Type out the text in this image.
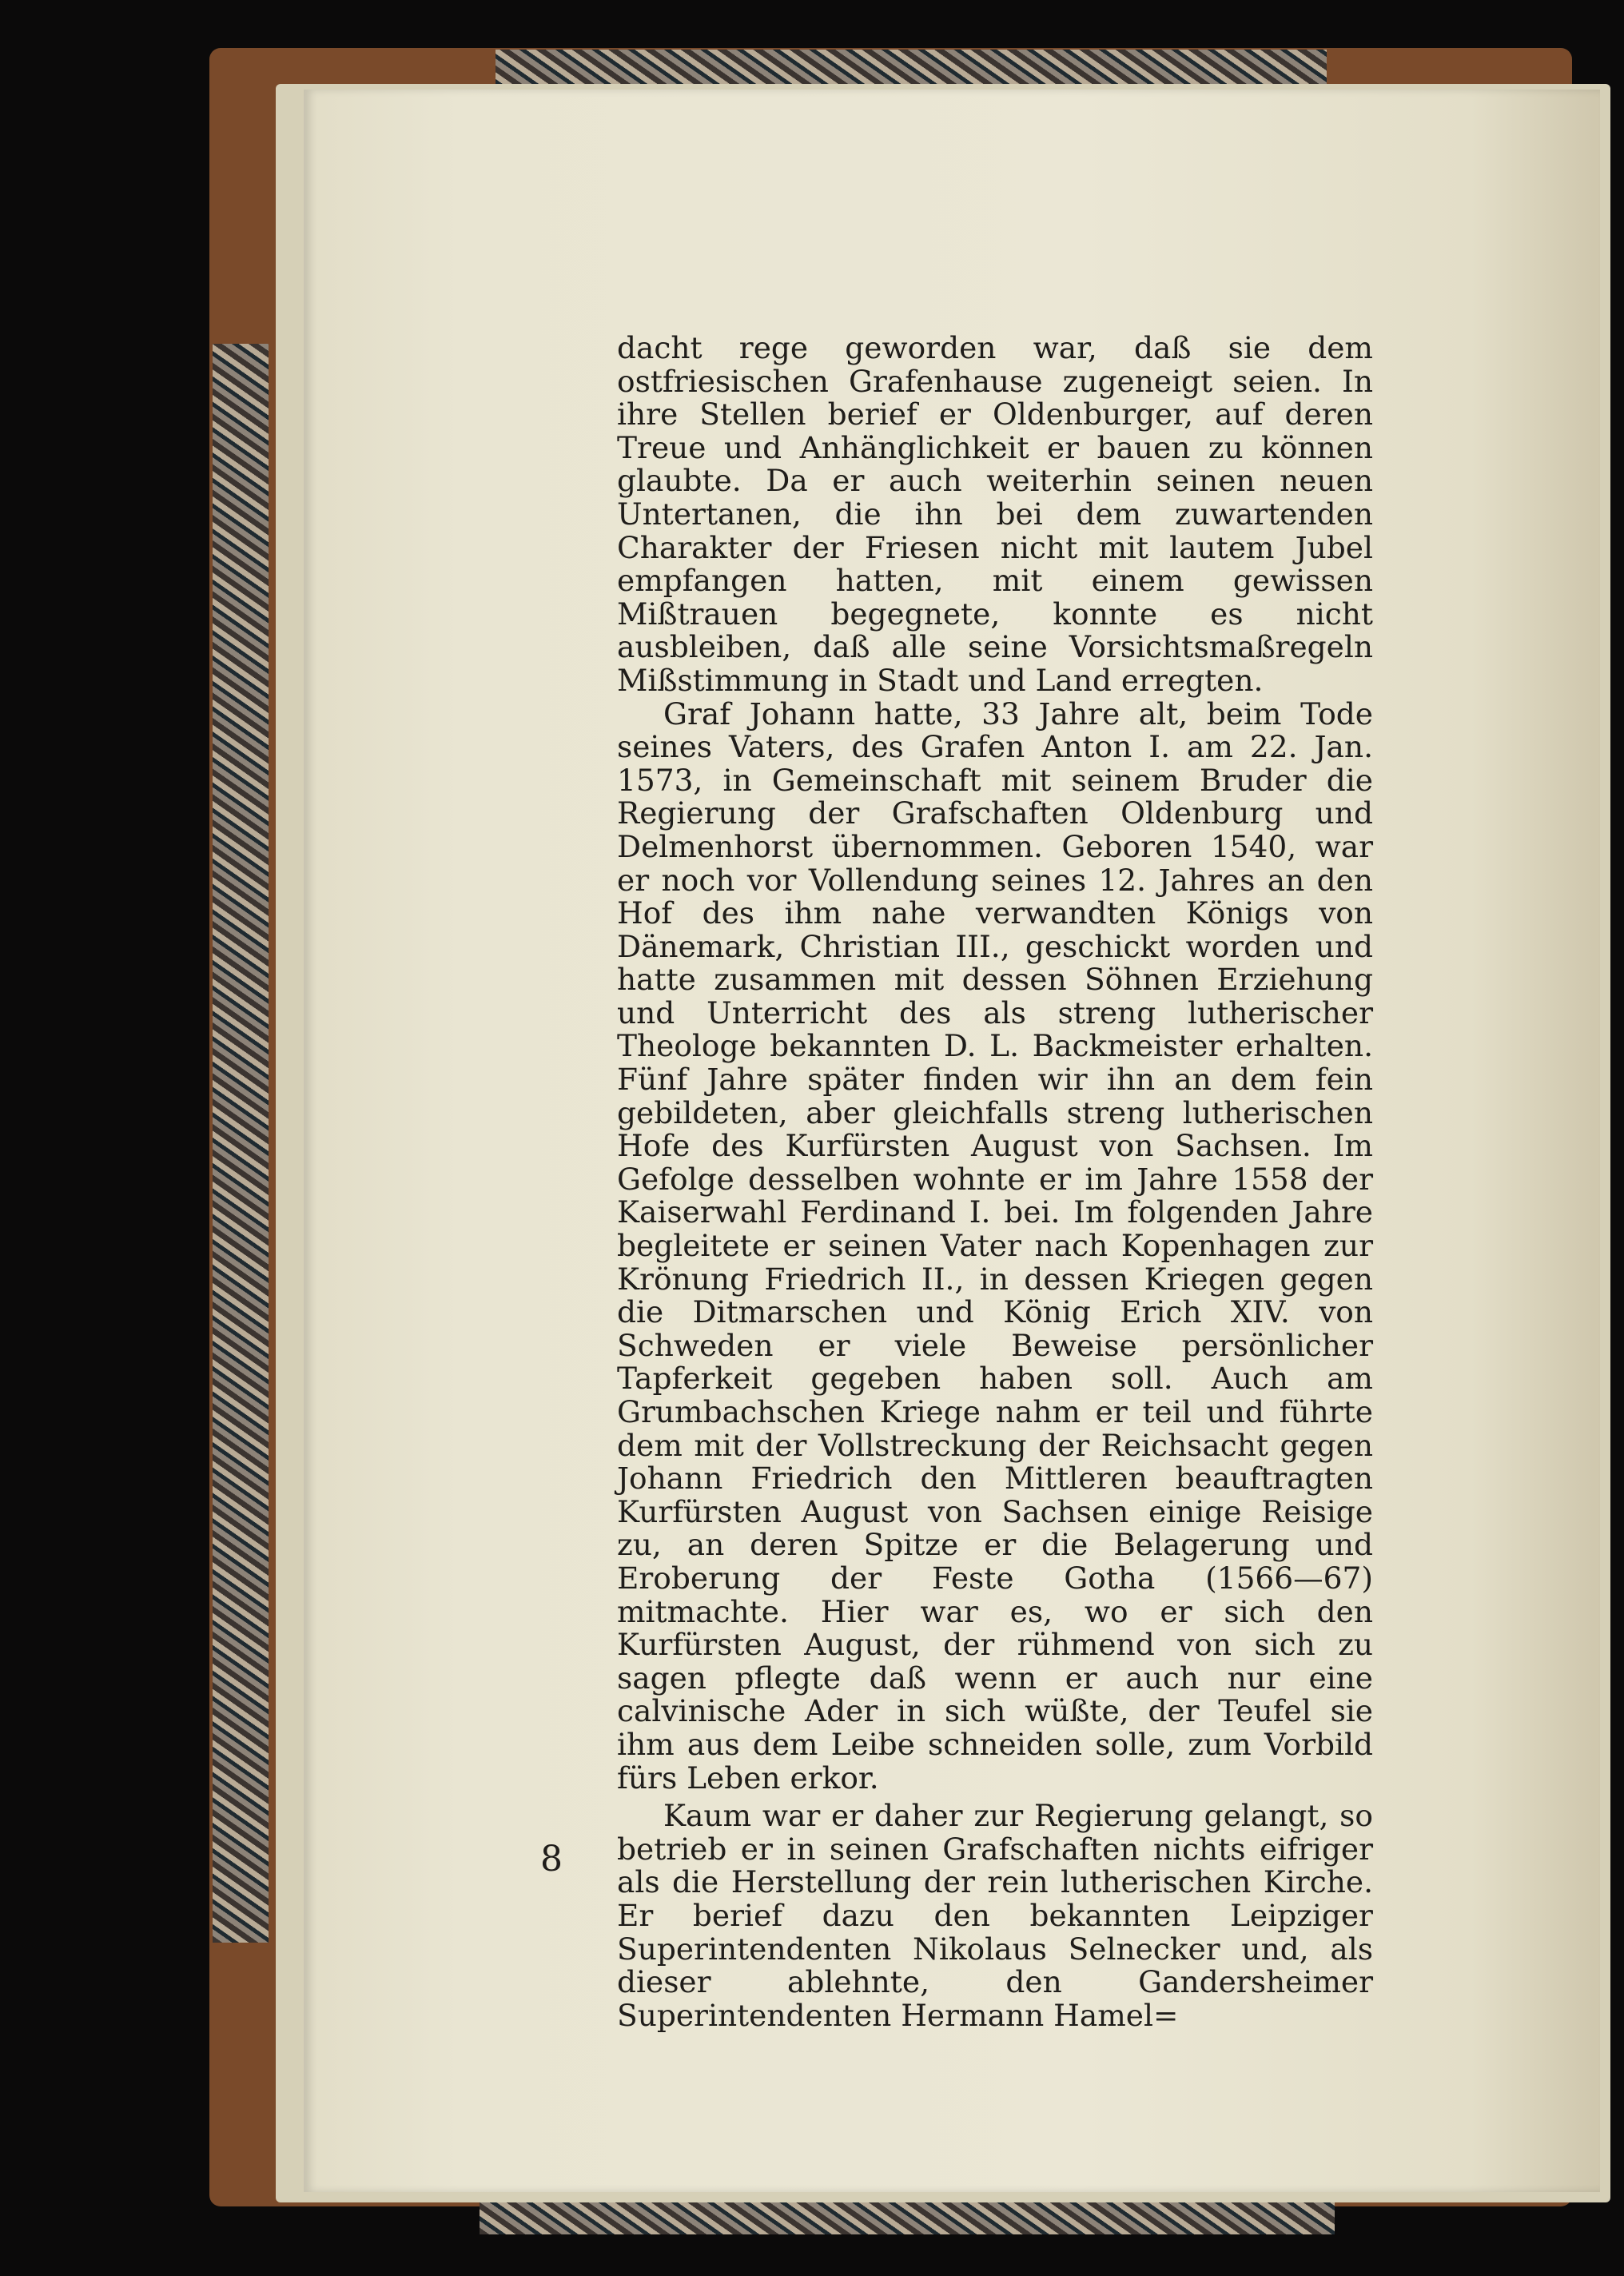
dacht rege geworden war, daß sie dem ostfriesischen Grafenhause zugeneigt seien. In ihre Stellen berief er Oldenburger, auf deren Treue und Anhänglichkeit er bauen zu können glaubte. Da er auch weiterhin seinen neuen Untertanen, die ihn bei dem zuwartenden Charakter der Friesen nicht mit lautem Jubel empfangen hatten, mit einem gewissen Mißtrauen begegnete, konnte es nicht ausbleiben, daß alle seine Vorsichtsmaßregeln Mißstimmung in Stadt und Land erregten.

Graf Johann hatte, 33 Jahre alt, beim Tode seines Vaters, des Grafen Anton I. am 22. Jan. 1573, in Gemeinschaft mit seinem Bruder die Regierung der Grafschaften Oldenburg und Delmenhorst übernommen. Geboren 1540, war er noch vor Vollendung seines 12. Jahres an den Hof des ihm nahe verwandten Königs von Dänemark, Christian III., geschickt worden und hatte zusammen mit dessen Söhnen Erziehung und Unterricht des als streng lutherischer Theologe bekannten D. L. Backmeister erhalten. Fünf Jahre später finden wir ihn an dem fein gebildeten, aber gleichfalls streng lutherischen Hofe des Kurfürsten August von Sachsen. Im Gefolge desselben wohnte er im Jahre 1558 der Kaiserwahl Ferdinand I. bei. Im folgenden Jahre begleitete er seinen Vater nach Kopenhagen zur Krönung Friedrich II., in dessen Kriegen gegen die Ditmarschen und König Erich XIV. von Schweden er viele Beweise persönlicher Tapferkeit gegeben haben soll. Auch am Grumbachschen Kriege nahm er teil und führte dem mit der Vollstreckung der Reichsacht gegen Johann Friedrich den Mittleren beauftragten Kurfürsten August von Sachsen einige Reisige zu, an deren Spitze er die Belagerung und Eroberung der Feste Gotha (1566—67) mitmachte. Hier war es, wo er sich den Kurfürsten August, der rühmend von sich zu sagen pflegte daß wenn er auch nur eine calvinische Ader in sich wüßte, der Teufel sie ihm aus dem Leibe schneiden solle, zum Vorbild fürs Leben erkor.

Kaum war er daher zur Regierung gelangt, so betrieb er in seinen Grafschaften nichts eifriger als die Herstellung der rein lutherischen Kirche. Er berief dazu den bekannten Leipziger Superintendenten Nikolaus Selnecker und, als dieser ablehnte, den Gandersheimer Superintendenten Hermann Hamel=

8
